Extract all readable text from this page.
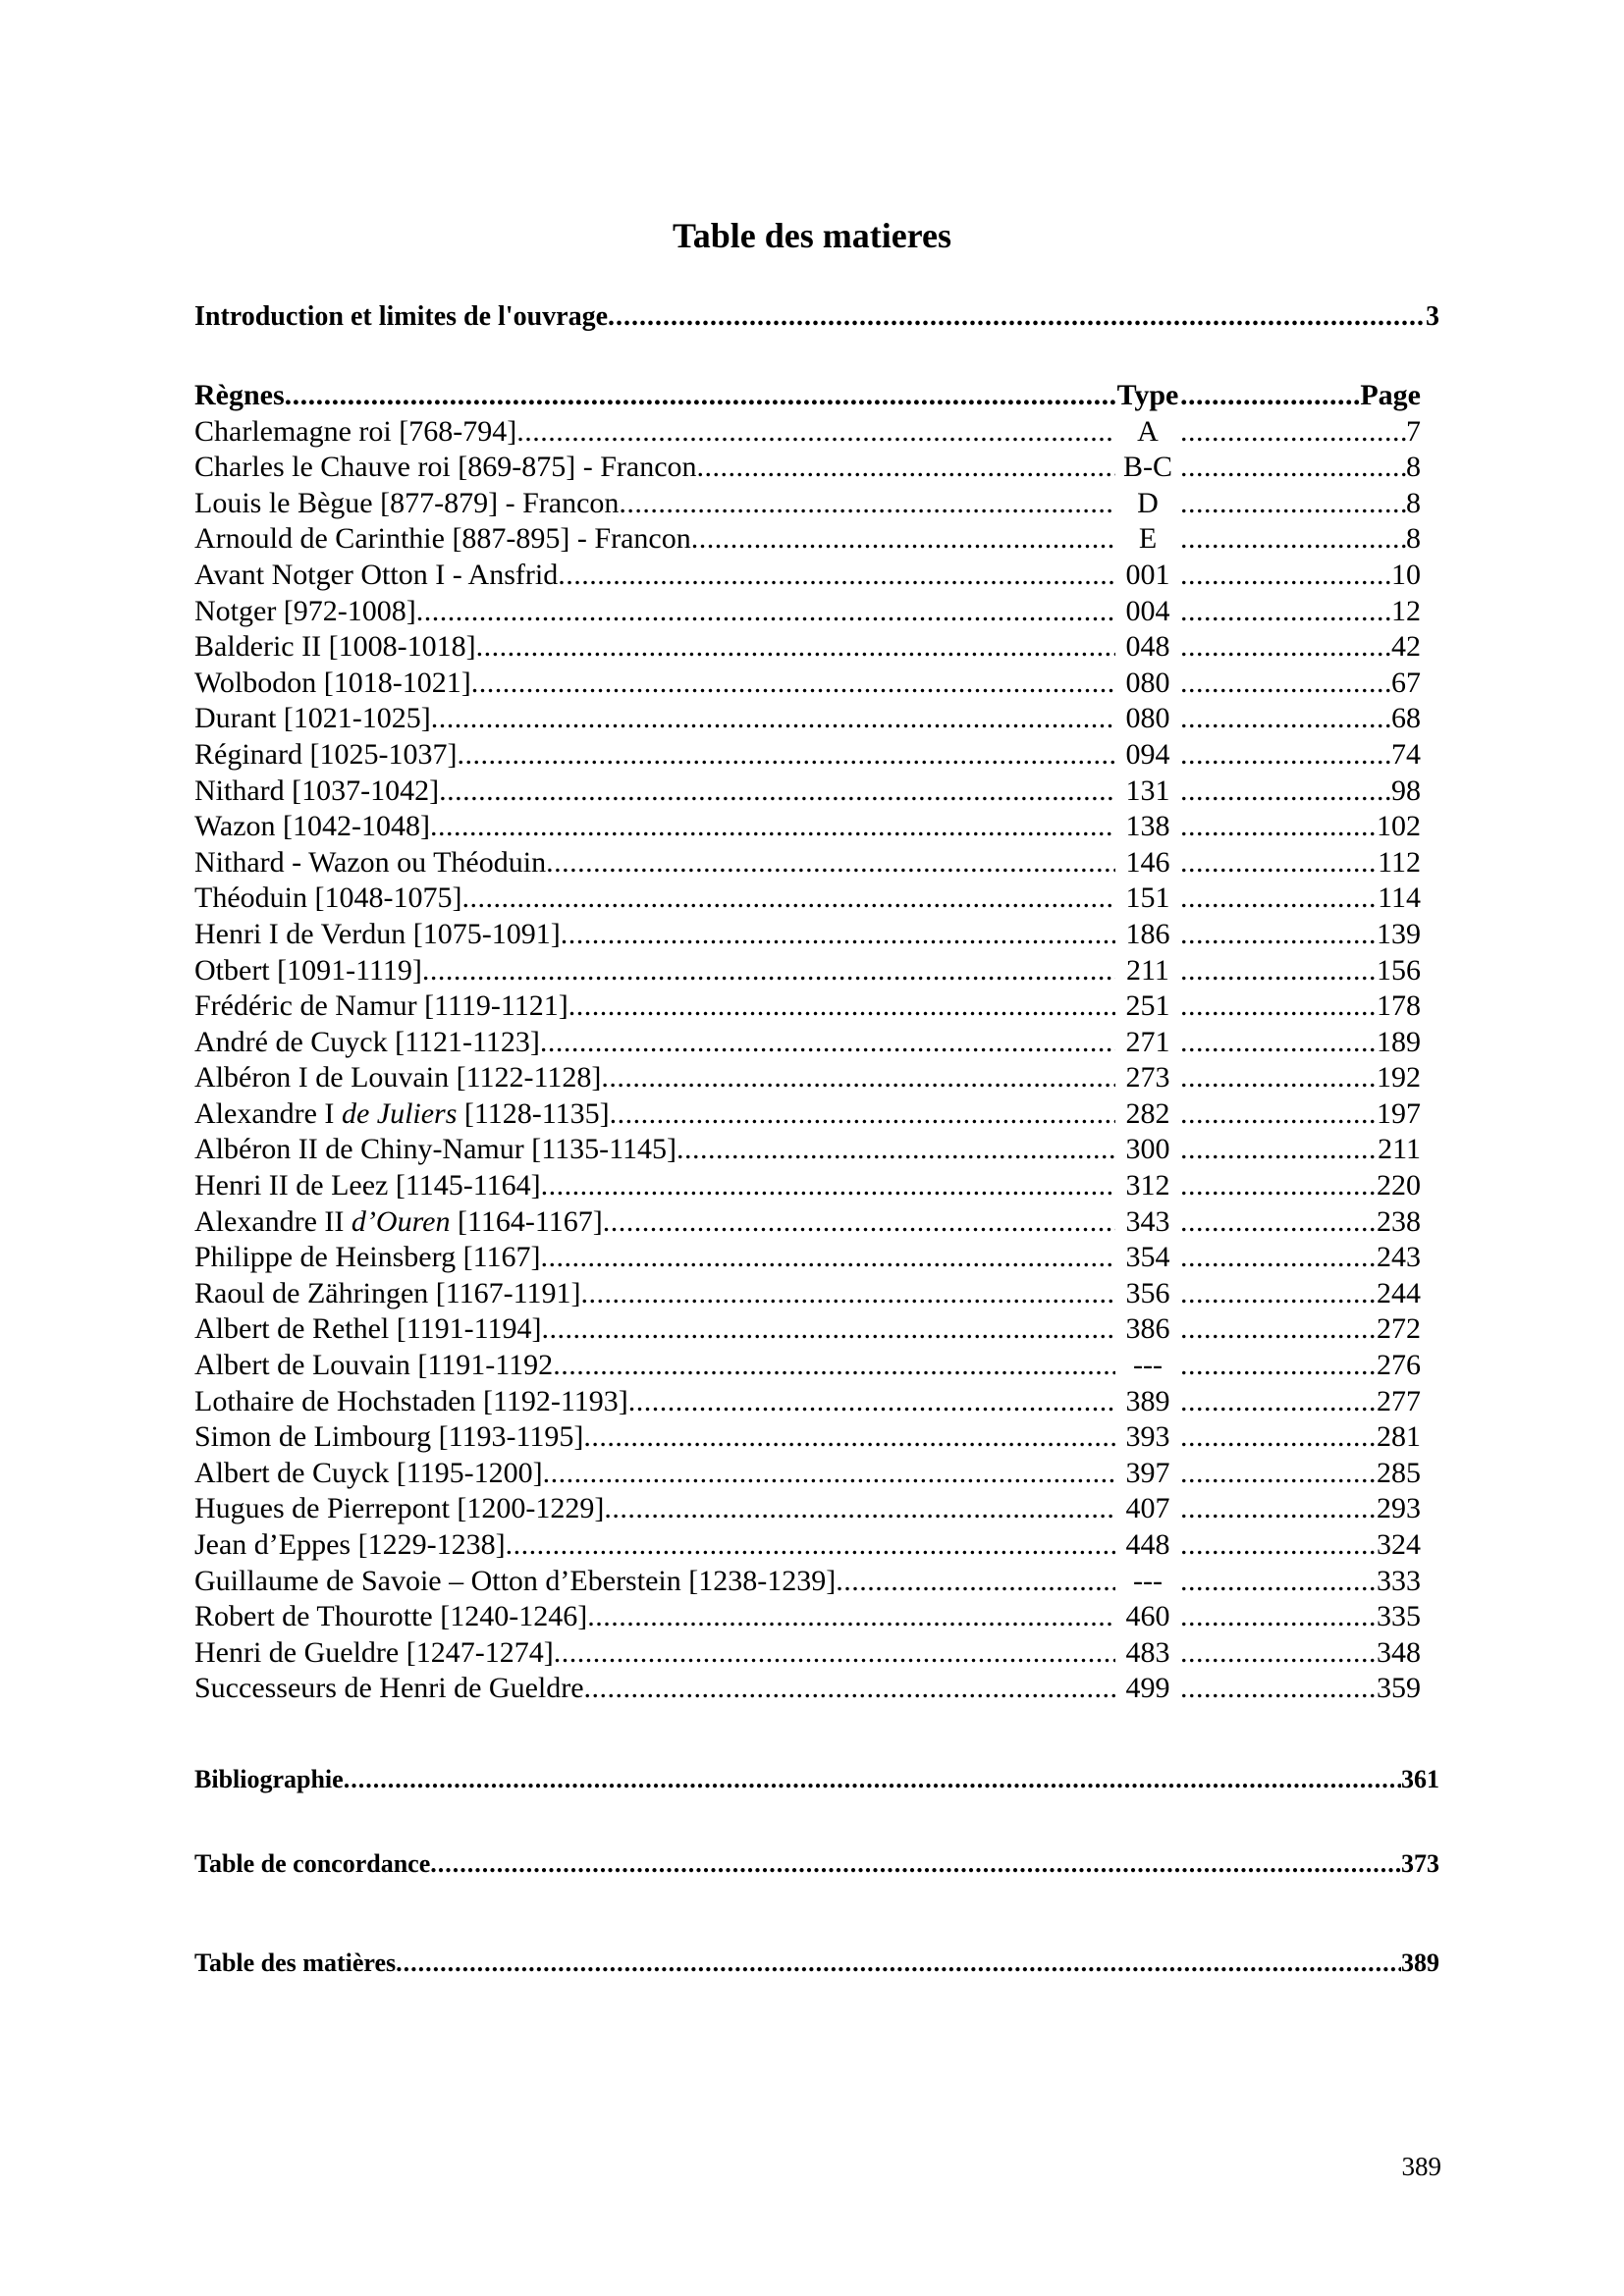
Table des matieres
Introduction et limites de l'ouvrage .....	3
Règnes .....	Type .....	Page
Charlemagne roi [768-794] .....	A .....	7
Charles le Chauve roi [869-875] - Francon .....	B-C .....	8
Louis le Bègue [877-879] - Francon .....	D .....	8
Arnould de Carinthie [887-895] - Francon .....	E .....	8
Avant Notger Otton I - Ansfrid .....	001 .....	10
Notger [972-1008] .....	004 .....	12
Balderic II [1008-1018] .....	048 .....	42
Wolbodon [1018-1021] .....	080 .....	67
Durant [1021-1025] .....	080 .....	68
Réginard [1025-1037] .....	094 .....	74
Nithard [1037-1042] .....	131 .....	98
Wazon [1042-1048] .....	138 .....	102
Nithard - Wazon ou Théoduin .....	146 .....	112
Théoduin [1048-1075] .....	151 .....	114
Henri I de Verdun [1075-1091] .....	186 .....	139
Otbert [1091-1119] .....	211 .....	156
Frédéric de Namur [1119-1121] .....	251 .....	178
André de Cuyck [1121-1123] .....	271 .....	189
Albéron I de Louvain [1122-1128] .....	273 .....	192
Alexandre I de Juliers [1128-1135] .....	282 .....	197
Albéron II de Chiny-Namur [1135-1145] .....	300 .....	211
Henri II de Leez [1145-1164] .....	312 .....	220
Alexandre II d’Ouren [1164-1167] .....	343 .....	238
Philippe de Heinsberg [1167] .....	354 .....	243
Raoul de Zähringen [1167-1191] .....	356 .....	244
Albert de Rethel [1191-1194] .....	386 .....	272
Albert de Louvain [1191-1192 .....	--- .....	276
Lothaire de Hochstaden [1192-1193] .....	389 .....	277
Simon de Limbourg [1193-1195] .....	393 .....	281
Albert de Cuyck [1195-1200] .....	397 .....	285
Hugues de Pierrepont [1200-1229] .....	407 .....	293
Jean d’Eppes [1229-1238] .....	448 .....	324
Guillaume de Savoie – Otton d’Eberstein [1238-1239] .....	--- .....	333
Robert de Thourotte [1240-1246] .....	460 .....	335
Henri de Gueldre [1247-1274] .....	483 .....	348
Successeurs de Henri de Gueldre .....	499 .....	359
Bibliographie .....	361
Table de concordance .....	373
Table des matières .....	389
389
